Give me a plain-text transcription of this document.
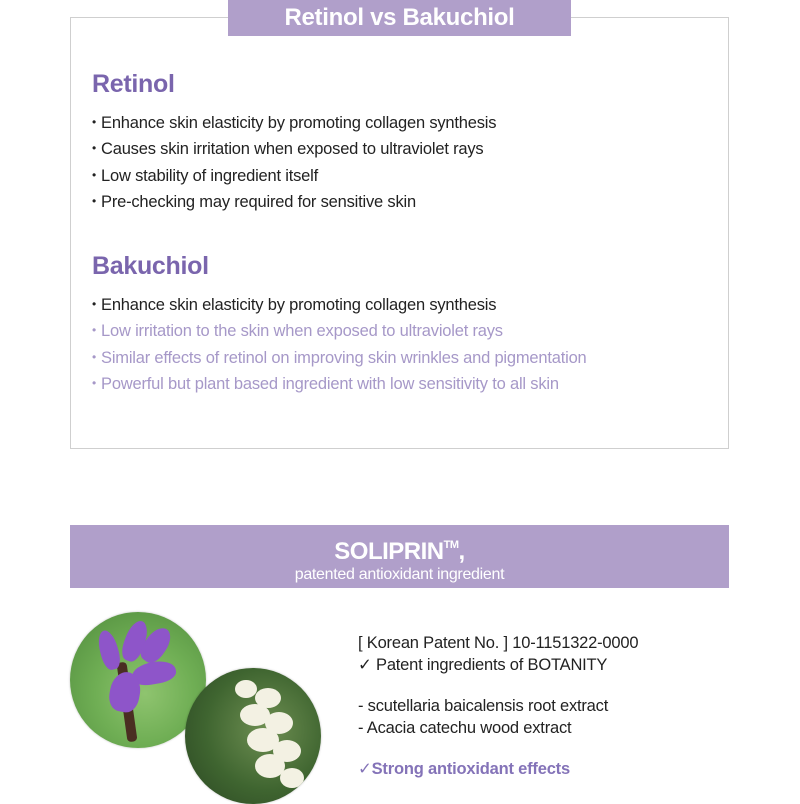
Retinol vs Bakuchiol
Retinol
• Enhance skin elasticity by promoting collagen synthesis
• Causes skin irritation when exposed to ultraviolet rays
• Low stability of ingredient itself
• Pre-checking may required for sensitive skin
Bakuchiol
• Enhance skin elasticity by promoting collagen synthesis
• Low irritation to the skin when exposed to ultraviolet rays
• Similar effects of retinol on improving skin wrinkles and pigmentation
• Powerful but plant based ingredient with low sensitivity to all skin
SOLIPRIN™,
patented antioxidant ingredient
[ Korean Patent No. ] 10-1151322-0000
✓ Patent ingredients of BOTANITY
- scutellaria baicalensis root extract
- Acacia catechu wood extract
✓Strong antioxidant effects
